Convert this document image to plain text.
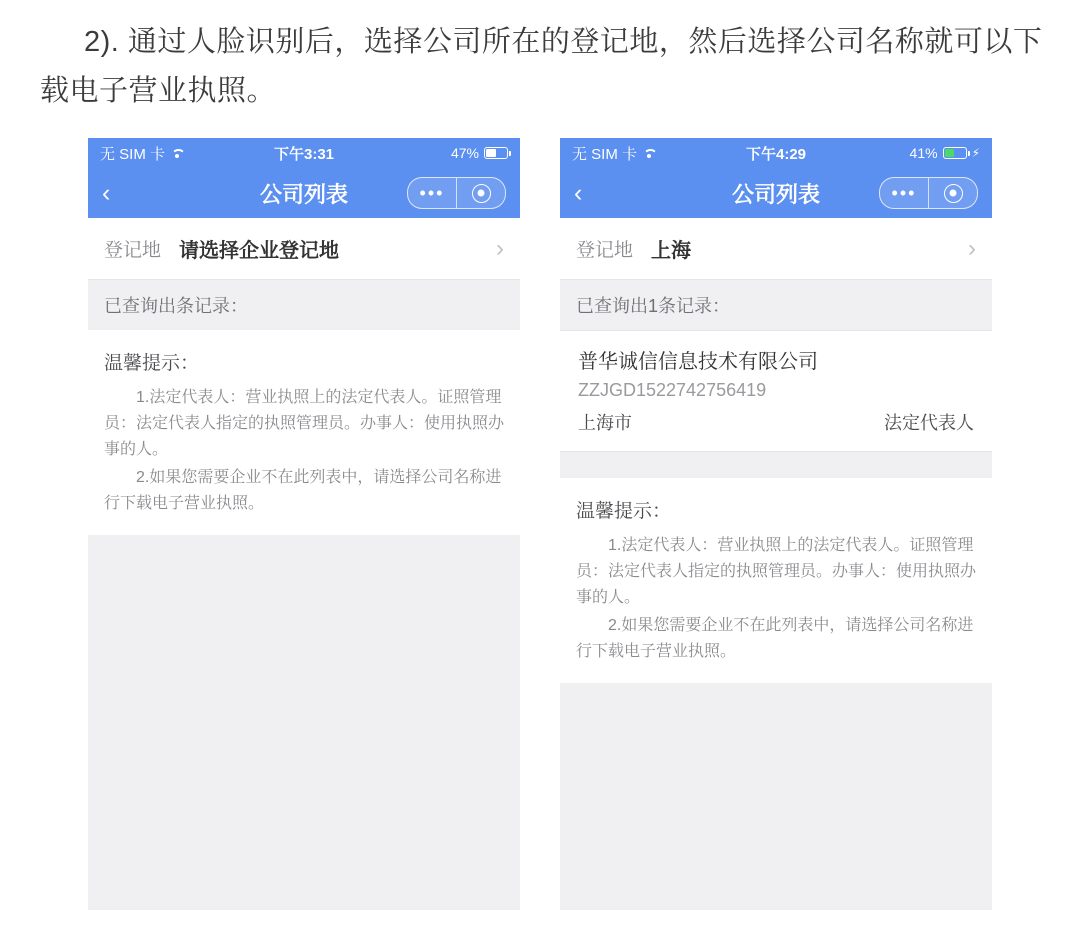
2). 通过人脸识别后，选择公司所在的登记地，然后选择公司名称就可以下载电子营业执照。
无 SIM 卡	下午3:31	47%
‹	公司列表	•••
登记地 请选择企业登记地	›
已查询出条记录：
温馨提示：
1.法定代表人：营业执照上的法定代表人。证照管理员：法定代表人指定的执照管理员。办事人：使用执照办事的人。
2.如果您需要企业不在此列表中，请选择公司名称进行下载电子营业执照。
无 SIM 卡	下午4:29	41%	⚡
‹	公司列表	•••
登记地 上海	›
已查询出1条记录：
普华诚信信息技术有限公司
ZZJGD1522742756419
上海市	法定代表人
温馨提示：
1.法定代表人：营业执照上的法定代表人。证照管理员：法定代表人指定的执照管理员。办事人：使用执照办事的人。
2.如果您需要企业不在此列表中，请选择公司名称进行下载电子营业执照。
